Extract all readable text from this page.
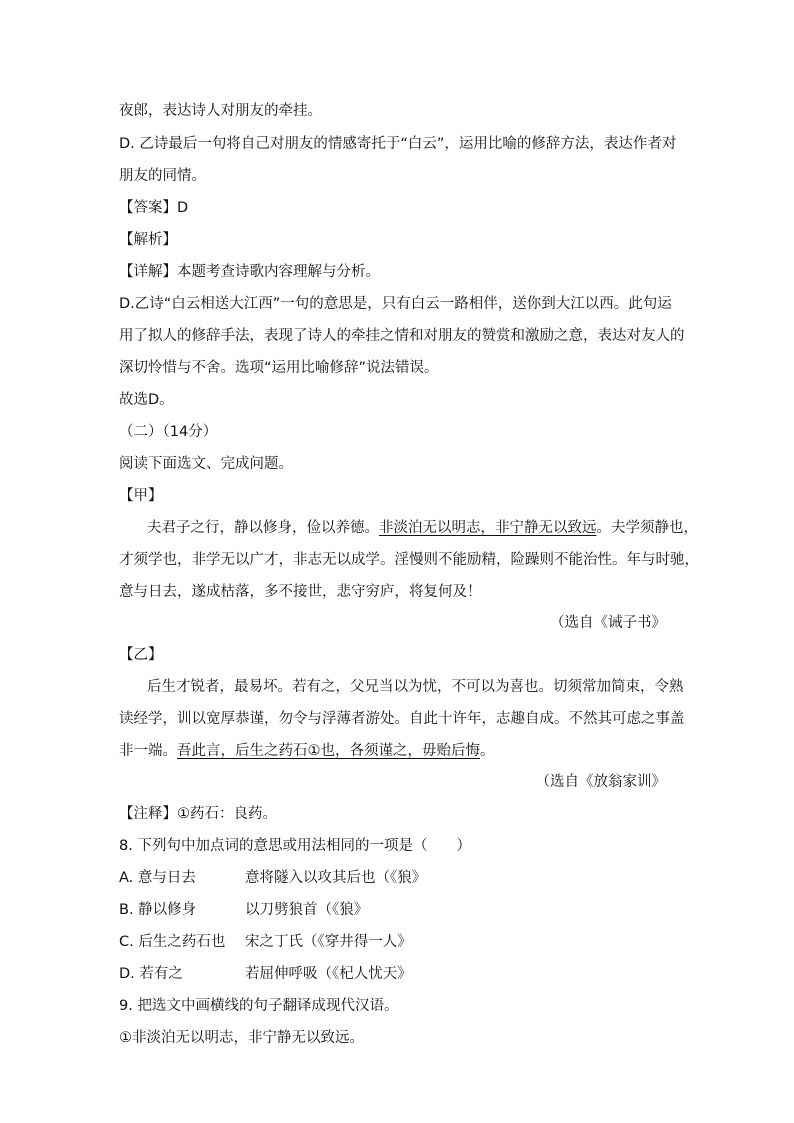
夜郎，表达诗人对朋友的牵挂。
D. 乙诗最后一句将自己对朋友的情感寄托于“白云”，运用比喻的修辞方法，表达作者对
朋友的同情。
【答案】D
【解析】
【详解】本题考查诗歌内容理解与分析。
D.乙诗“白云相送大江西”一句的意思是，只有白云一路相伴，送你到大江以西。此句运
用了拟人的修辞手法，表现了诗人的牵挂之情和对朋友的赞赏和激励之意，表达对友人的
深切怜惜与不舍。选项“运用比喻修辞”说法错误。
故选D。
（二）（14分）
阅读下面选文、完成问题。
【甲】
夫君子之行，静以修身，俭以养德。非淡泊无以明志，非宁静无以致远。夫学须静也，
才须学也，非学无以广才，非志无以成学。淫慢则不能励精，险躁则不能治性。年与时驰，
意与日去，遂成枯落，多不接世，悲守穷庐，将复何及！
（选自《诫子书》
【乙】
后生才锐者，最易坏。若有之，父兄当以为忧，不可以为喜也。切须常加简束，令熟
读经学，训以宽厚恭谨，勿令与浮薄者游处。自此十许年，志趣自成。不然其可虑之事盖
非一端。吾此言，后生之药石①也，各须谨之，毋贻后悔。
（选自《放翁家训》
【注释】①药石：良药。
8. 下列句中加点词的意思或用法相同的一项是（　　）
A. 意与日去	意将隧入以攻其后也（《狼》
B. 静以修身	以刀劈狼首（《狼》
C. 后生之药石也 宋之丁氏（《穿井得一人》
D. 若有之	若屈伸呼吸（《杞人忧天》
9. 把选文中画横线的句子翻译成现代汉语。
①非淡泊无以明志，非宁静无以致远。
